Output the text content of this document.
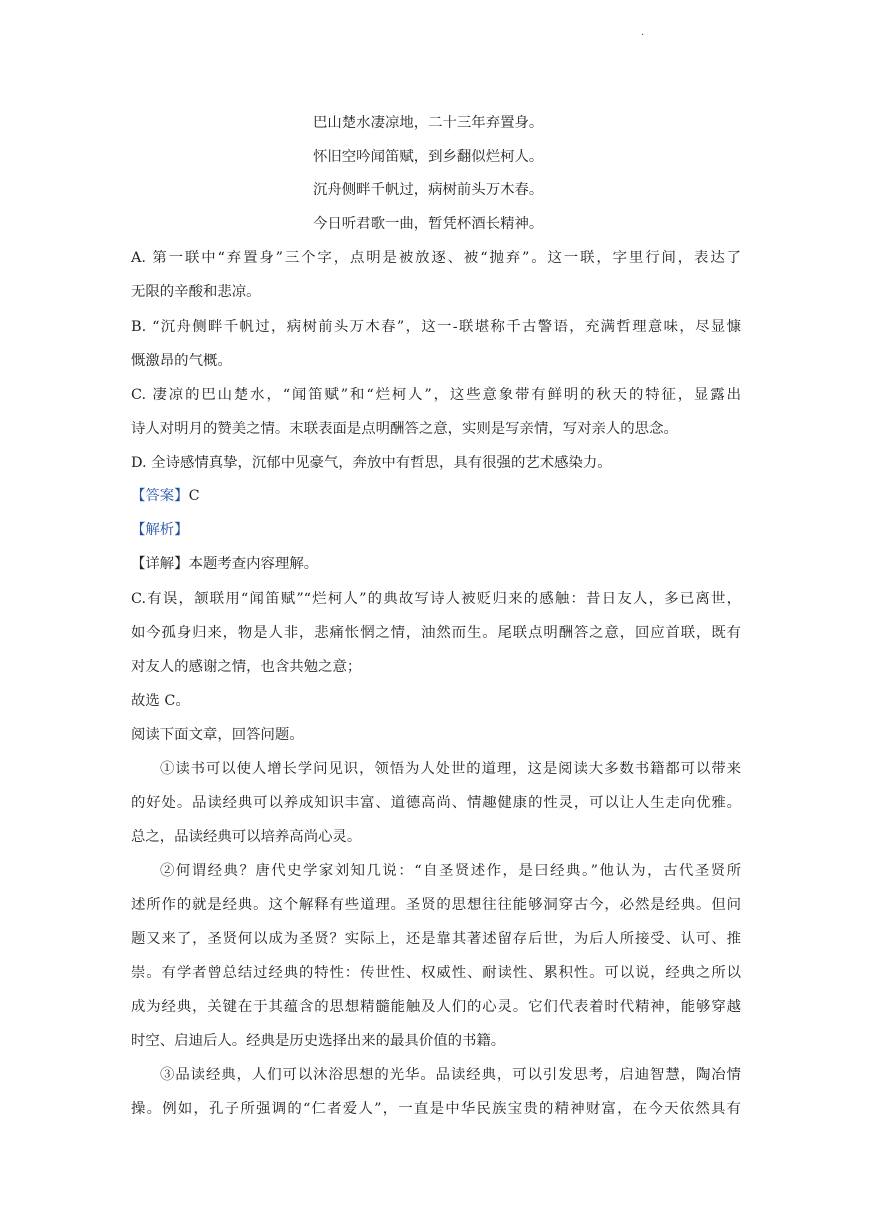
·
巴山楚水凄凉地，二十三年弃置身。
怀旧空吟闻笛赋，到乡翻似烂柯人。
沉舟侧畔千帆过，病树前头万木春。
今日听君歌一曲，暂凭杯酒长精神。
A. 第一联中“弃置身”三个字，点明是被放逐、被“抛弃”。这一联，字里行间，表达了
无限的辛酸和悲凉。
B. “沉舟侧畔千帆过，病树前头万木春”，这一-联堪称千古警语，充满哲理意味，尽显慷
慨激昂的气概。
C. 凄凉的巴山楚水，“闻笛赋”和“烂柯人”，这些意象带有鲜明的秋天的特征，显露出
诗人对明月的赞美之情。末联表面是点明酬答之意，实则是写亲情，写对亲人的思念。
D. 全诗感情真挚，沉郁中见豪气，奔放中有哲思，具有很强的艺术感染力。
【答案】C
【解析】
【详解】本题考查内容理解。
C.有误，颔联用“闻笛赋”“烂柯人”的典故写诗人被贬归来的感触：昔日友人，多已离世，
如今孤身归来，物是人非，悲痛怅惘之情，油然而生。尾联点明酬答之意，回应首联，既有
对友人的感谢之情，也含共勉之意；
故选 C。
阅读下面文章，回答问题。
①读书可以使人增长学问见识，领悟为人处世的道理，这是阅读大多数书籍都可以带来
的好处。品读经典可以养成知识丰富、道德高尚、情趣健康的性灵，可以让人生走向优雅。
总之，品读经典可以培养高尚心灵。
②何谓经典？唐代史学家刘知几说：“自圣贤述作，是曰经典。”他认为，古代圣贤所
述所作的就是经典。这个解释有些道理。圣贤的思想往往能够洞穿古今，必然是经典。但问
题又来了，圣贤何以成为圣贤？实际上，还是靠其著述留存后世，为后人所接受、认可、推
崇。有学者曾总结过经典的特性：传世性、权威性、耐读性、累积性。可以说，经典之所以
成为经典，关键在于其蕴含的思想精髓能触及人们的心灵。它们代表着时代精神，能够穿越
时空、启迪后人。经典是历史选择出来的最具价值的书籍。
③品读经典，人们可以沐浴思想的光华。品读经典，可以引发思考，启迪智慧，陶冶情
操。例如，孔子所强调的“仁者爱人”，一直是中华民族宝贵的精神财富，在今天依然具有
